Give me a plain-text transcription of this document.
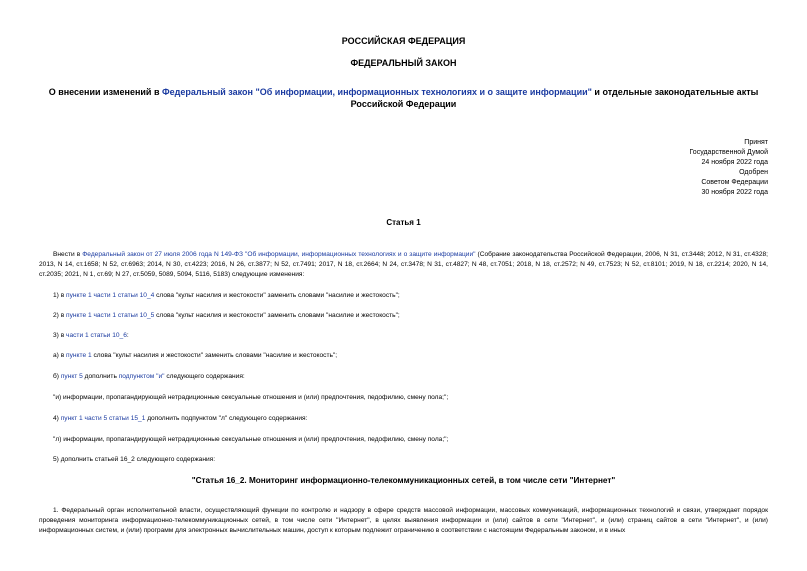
РОССИЙСКАЯ ФЕДЕРАЦИЯ
ФЕДЕРАЛЬНЫЙ ЗАКОН
О внесении изменений в Федеральный закон "Об информации, информационных технологиях и о защите информации" и отдельные законодательные акты Российской Федерации
Принят
Государственной Думой
24 ноября 2022 года
Одобрен
Советом Федерации
30 ноября 2022 года
Статья 1
Внести в Федеральный закон от 27 июля 2006 года N 149-ФЗ "Об информации, информационных технологиях и о защите информации" (Собрание законодательства Российской Федерации, 2006, N 31, ст.3448; 2012, N 31, ст.4328; 2013, N 14, ст.1658; N 52, ст.6963; 2014, N 30, ст.4223; 2016, N 26, ст.3877; N 52, ст.7491; 2017, N 18, ст.2664; N 24, ст.3478; N 31, ст.4827; N 48, ст.7051; 2018, N 18, ст.2572; N 49, ст.7523; N 52, ст.8101; 2019, N 18, ст.2214; 2020, N 14, ст.2035; 2021, N 1, ст.69; N 27, ст.5059, 5089, 5094, 5116, 5183) следующие изменения:
1) в пункте 1 части 1 статьи 10_4 слова "культ насилия и жестокости" заменить словами "насилие и жестокость";
2) в пункте 1 части 1 статьи 10_5 слова "культ насилия и жестокости" заменить словами "насилие и жестокость";
3) в части 1 статьи 10_6:
а) в пункте 1 слова "культ насилия и жестокости" заменить словами "насилие и жестокость";
б) пункт 5 дополнить подпунктом "и" следующего содержания:
"и) информации, пропагандирующей нетрадиционные сексуальные отношения и (или) предпочтения, педофилию, смену пола;";
4) пункт 1 части 5 статьи 15_1 дополнить подпунктом "л" следующего содержания:
"л) информации, пропагандирующей нетрадиционные сексуальные отношения и (или) предпочтения, педофилию, смену пола;";
5) дополнить статьей 16_2 следующего содержания:
"Статья 16_2. Мониторинг информационно-телекоммуникационных сетей, в том числе сети "Интернет"
1. Федеральный орган исполнительной власти, осуществляющий функции по контролю и надзору в сфере средств массовой информации, массовых коммуникаций, информационных технологий и связи, утверждает порядок проведения мониторинга информационно-телекоммуникационных сетей, в том числе сети "Интернет", в целях выявления информации и (или) сайтов в сети "Интернет", и (или) страниц сайтов в сети "Интернет", и (или) информационных систем, и (или) программ для электронных вычислительных машин, доступ к которым подлежит ограничению в соответствии с настоящим Федеральным законом, и в иных
